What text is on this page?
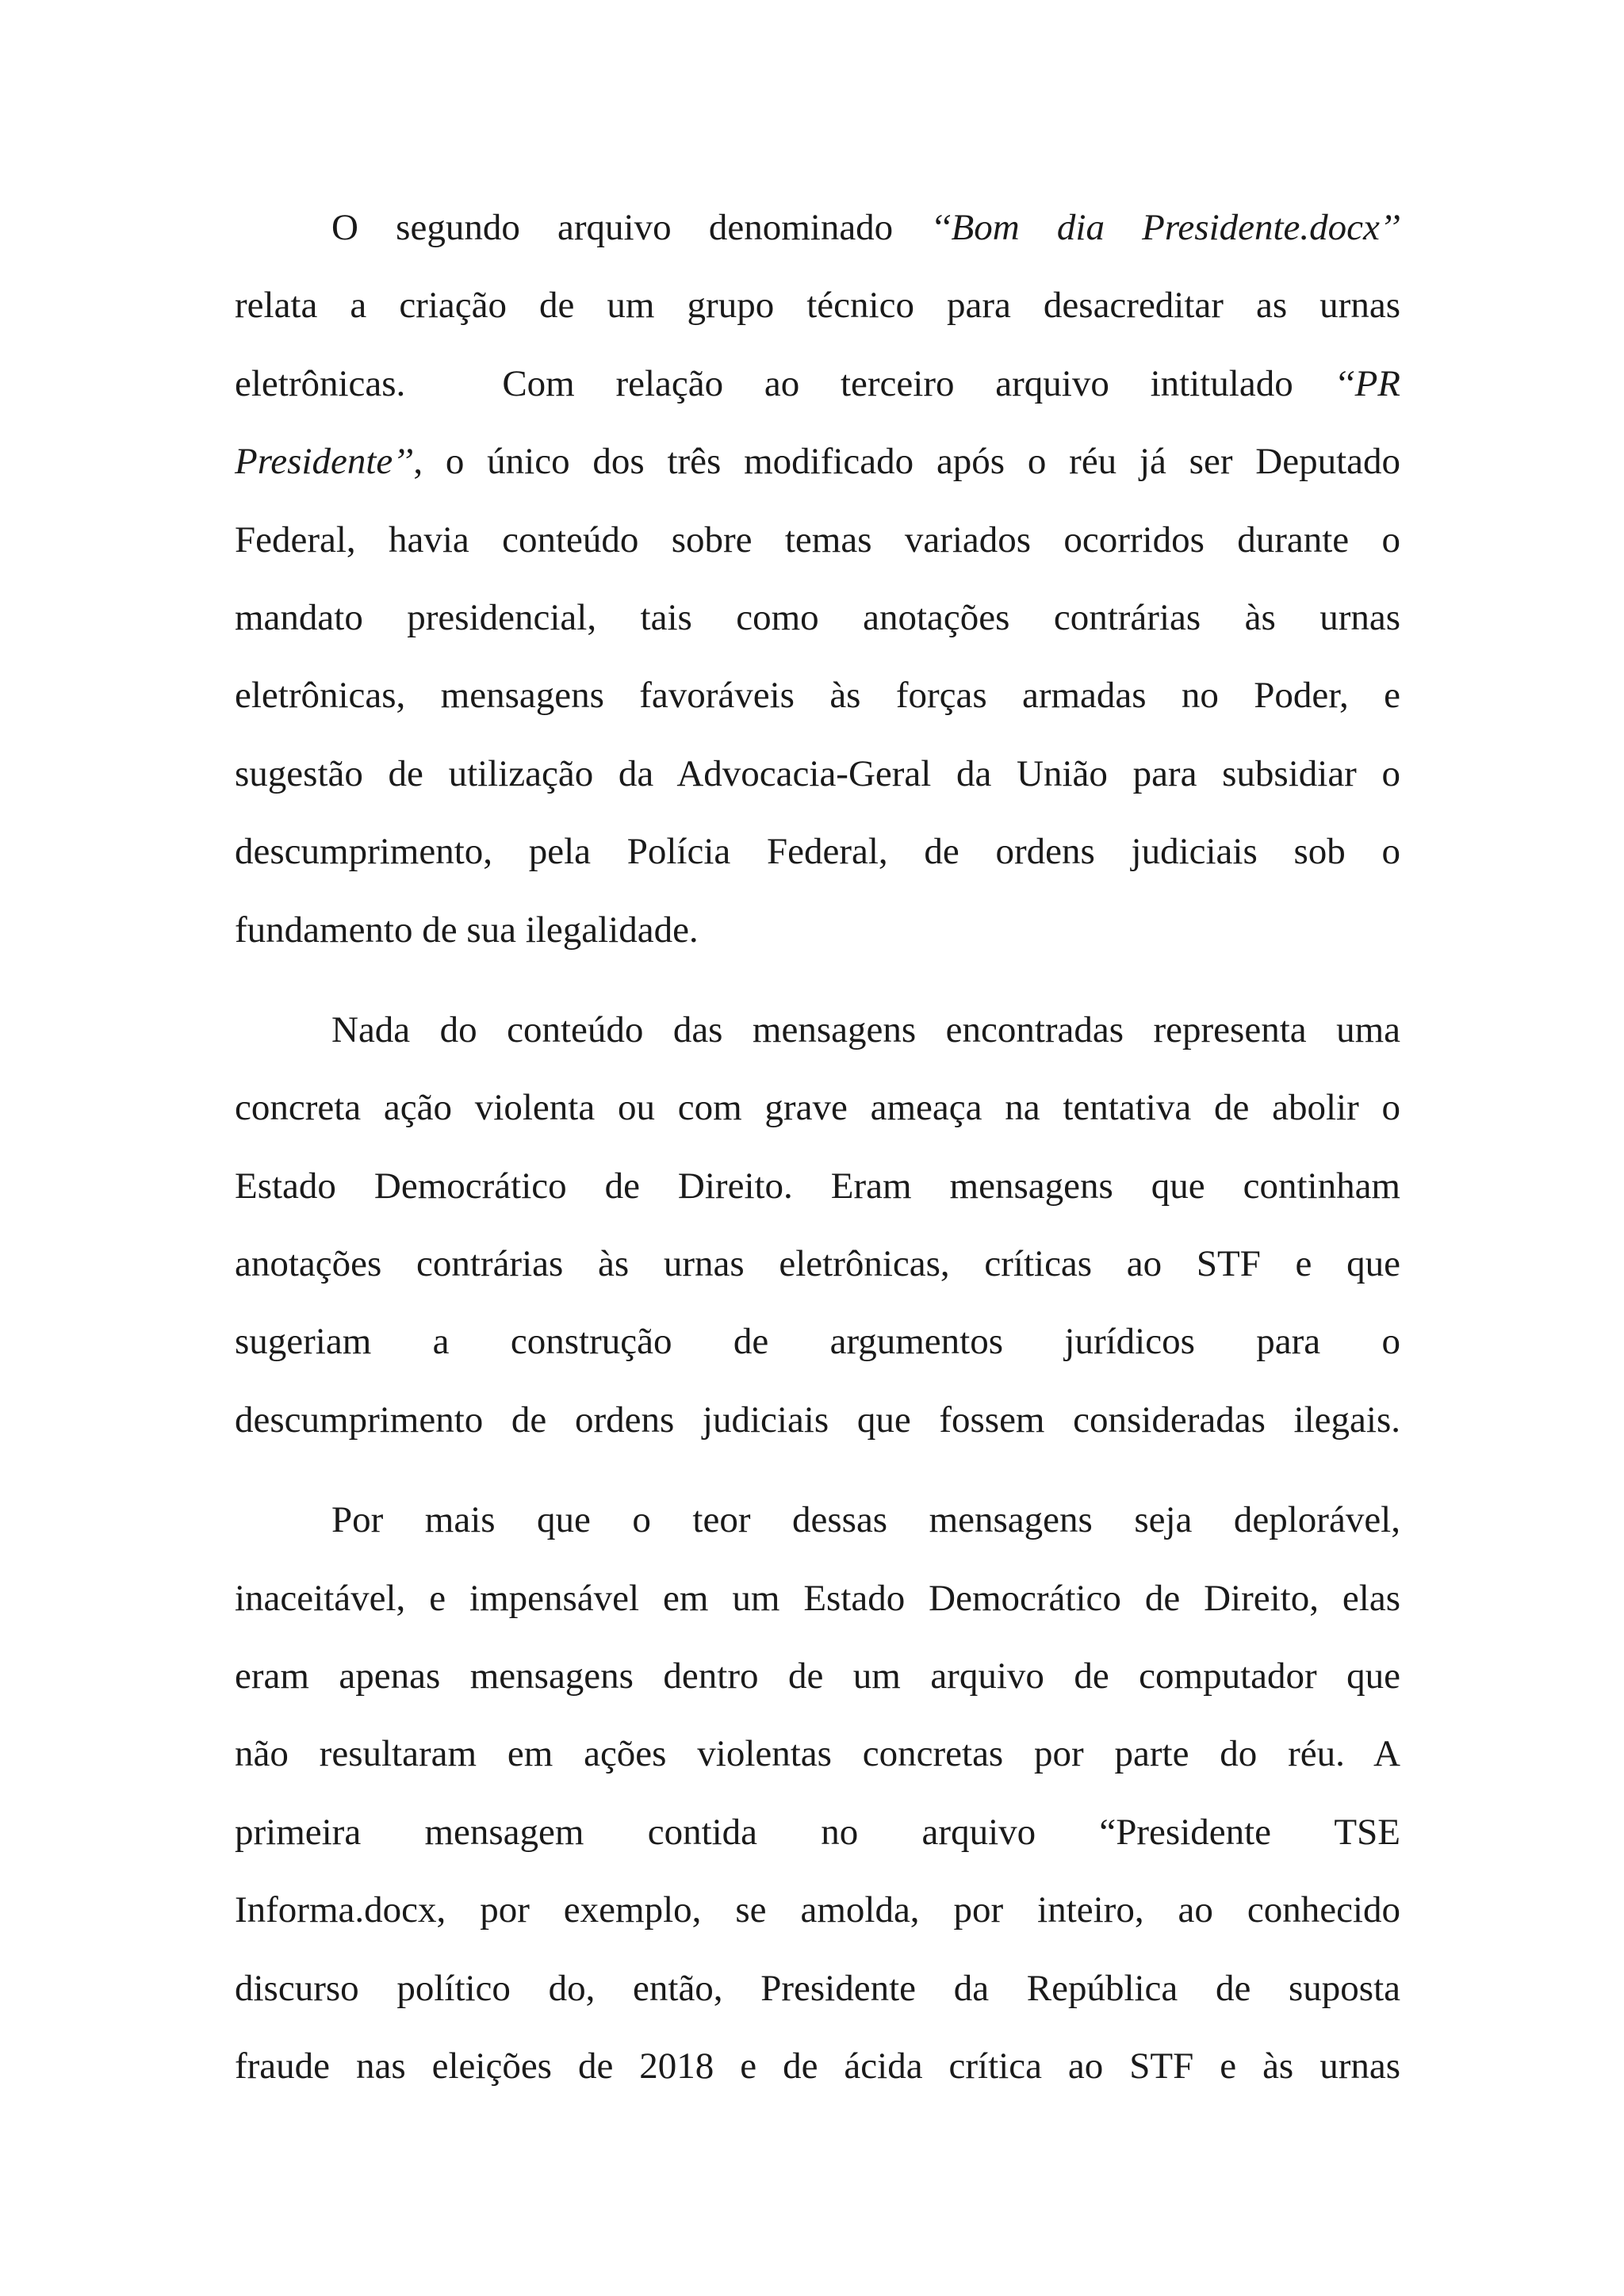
O segundo arquivo denominado ‘‘Bom dia Presidente.docx’’
relata a criação de um grupo técnico para desacreditar as urnas
eletrônicas.	Com relação ao terceiro arquivo intitulado ‘‘PR
Presidente’’, o único dos três modificado após o réu já ser Deputado
Federal, havia conteúdo sobre temas variados ocorridos durante o
mandato presidencial, tais como anotações contrárias às urnas
eletrônicas, mensagens favoráveis às forças armadas no Poder, e
sugestão de utilização da Advocacia-Geral da União para subsidiar o
descumprimento, pela Polícia Federal, de ordens judiciais sob o
fundamento de sua ilegalidade.
Nada do conteúdo das mensagens encontradas representa uma
concreta ação violenta ou com grave ameaça na tentativa de abolir o
Estado Democrático de Direito. Eram mensagens que continham
anotações contrárias às urnas eletrônicas, críticas ao STF e que
sugeriam a construção de argumentos jurídicos para o
descumprimento de ordens judiciais que fossem consideradas ilegais.
Por mais que o teor dessas mensagens seja deplorável,
inaceitável, e impensável em um Estado Democrático de Direito, elas
eram apenas mensagens dentro de um arquivo de computador que
não resultaram em ações violentas concretas por parte do réu. A
primeira mensagem contida no arquivo “Presidente TSE
Informa.docx, por exemplo, se amolda, por inteiro, ao conhecido
discurso político do, então, Presidente da República de suposta
fraude nas eleições de 2018 e de ácida crítica ao STF e às urnas
